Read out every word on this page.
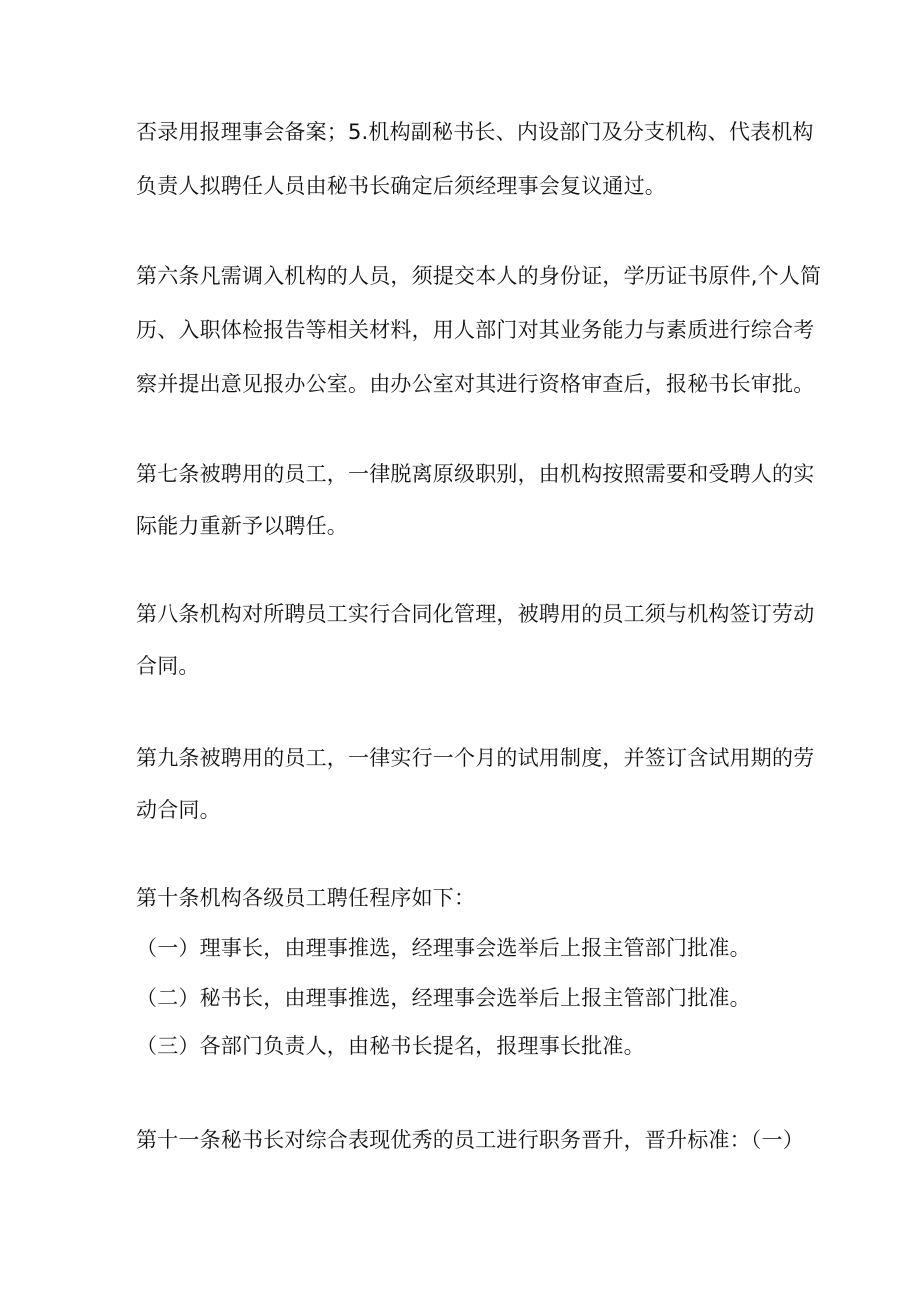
否录用报理事会备案；5.机构副秘书长、内设部门及分支机构、代表机构
负责人拟聘任人员由秘书长确定后须经理事会复议通过。
第六条凡需调入机构的人员，须提交本人的身份证，学历证书原件,个人简
历、入职体检报告等相关材料，用人部门对其业务能力与素质进行综合考
察并提出意见报办公室。由办公室对其进行资格审查后，报秘书长审批。
第七条被聘用的员工，一律脱离原级职别，由机构按照需要和受聘人的实
际能力重新予以聘任。
第八条机构对所聘员工实行合同化管理，被聘用的员工须与机构签订劳动
合同。
第九条被聘用的员工，一律实行一个月的试用制度，并签订含试用期的劳
动合同。
第十条机构各级员工聘任程序如下：
（一）理事长，由理事推选，经理事会选举后上报主管部门批准。
（二）秘书长，由理事推选，经理事会选举后上报主管部门批准。
（三）各部门负责人，由秘书长提名，报理事长批准。
第十一条秘书长对综合表现优秀的员工进行职务晋升，晋升标准：（一）
